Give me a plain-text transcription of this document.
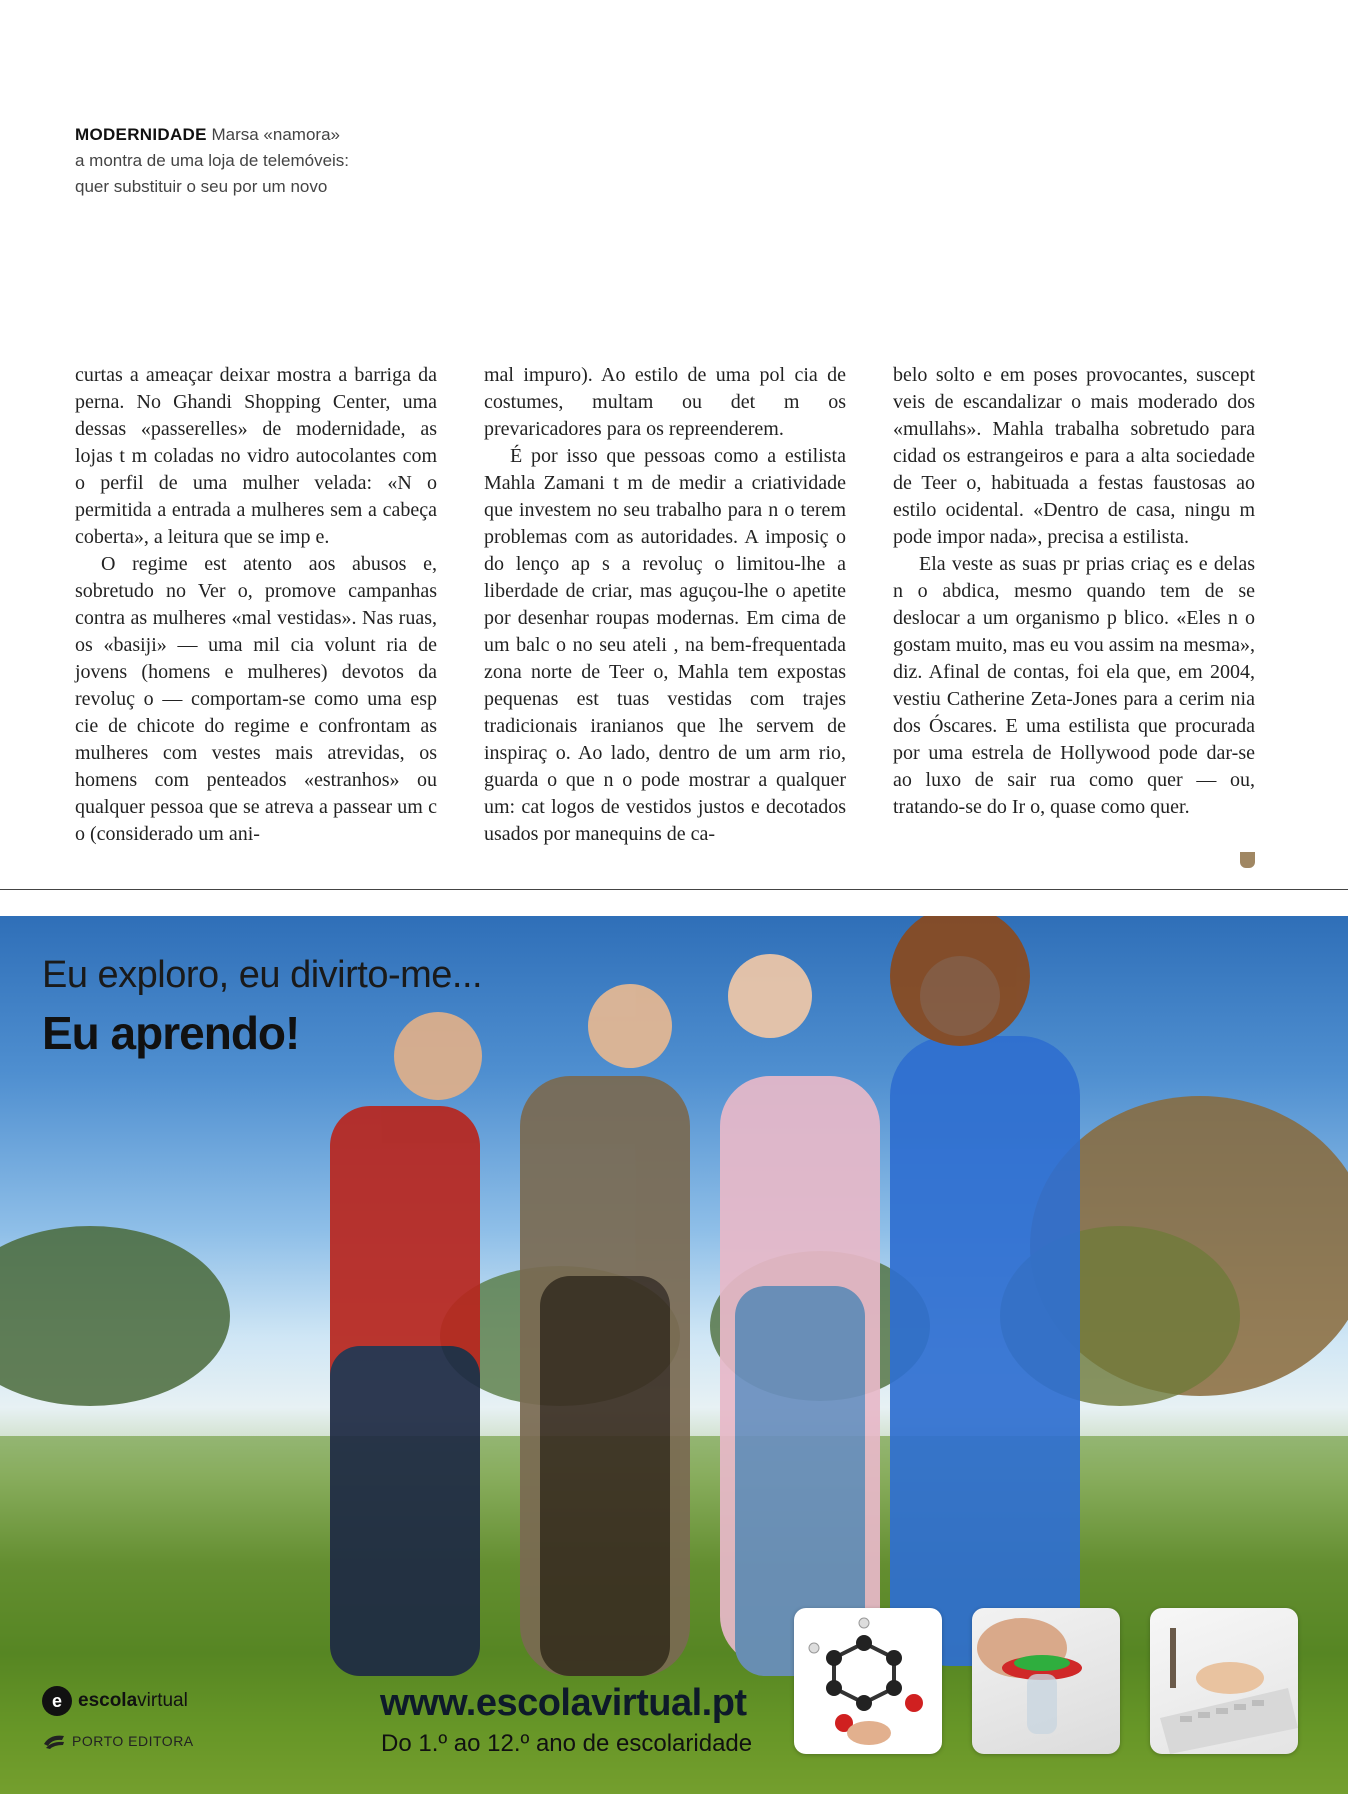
MODERNIDADE Marsa «namora»
a montra de uma loja de telemóveis:
quer substituir o seu por um novo

curtas a ameaçar deixar mostra a barriga da perna. No Ghandi Shopping Center, uma dessas «passerelles» de modernidade, as lojas t m coladas no vidro autocolantes com o perfil de uma mulher velada: «N o permitida a entrada a mulheres sem a cabeça coberta», a leitura que se imp e.

O regime est atento aos abusos e, sobretudo no Ver o, promove campanhas contra as mulheres «mal vestidas». Nas ruas, os «basiji» — uma mil cia volunt ria de jovens (homens e mulheres) devotos da revoluç o — comportam-se como uma esp cie de chicote do regime e confrontam as mulheres com vestes mais atrevidas, os homens com penteados «estranhos» ou qualquer pessoa que se atreva a passear um c o (considerado um ani-

mal impuro). Ao estilo de uma pol cia de costumes, multam ou det m os prevaricadores para os repreenderem.

É por isso que pessoas como a estilista Mahla Zamani t m de medir a criatividade que investem no seu trabalho para n o terem problemas com as autoridades. A imposiç o do lenço ap s a revoluç o limitou-lhe a liberdade de criar, mas aguçou-lhe o apetite por desenhar roupas modernas. Em cima de um balc o no seu ateli , na bem-frequentada zona norte de Teer o, Mahla tem expostas pequenas est tuas vestidas com trajes tradicionais iranianos que lhe servem de inspiraç o. Ao lado, dentro de um arm rio, guarda o que n o pode mostrar a qualquer um: cat logos de vestidos justos e decotados usados por manequins de ca-

belo solto e em poses provocantes, suscept veis de escandalizar o mais moderado dos «mullahs». Mahla trabalha sobretudo para cidad os estrangeiros e para a alta sociedade de Teer o, habituada a festas faustosas ao estilo ocidental. «Dentro de casa, ningu m pode impor nada», precisa a estilista.

Ela veste as suas pr prias criaç es e delas n o abdica, mesmo quando tem de se deslocar a um organismo p blico. «Eles n o gostam muito, mas eu vou assim na mesma», diz. Afinal de contas, foi ela que, em 2004, vestiu Catherine Zeta-Jones para a cerim nia dos Óscares. E uma estilista que procurada por uma estrela de Hollywood pode dar-se ao luxo de sair rua como quer — ou, tratando-se do Ir o, quase como quer.

Eu exploro, eu divirto-me...
Eu aprendo!
www.escolavirtual.pt
Do 1.º ao 12.º ano de escolaridade
e escolavirtual
PORTO EDITORA
